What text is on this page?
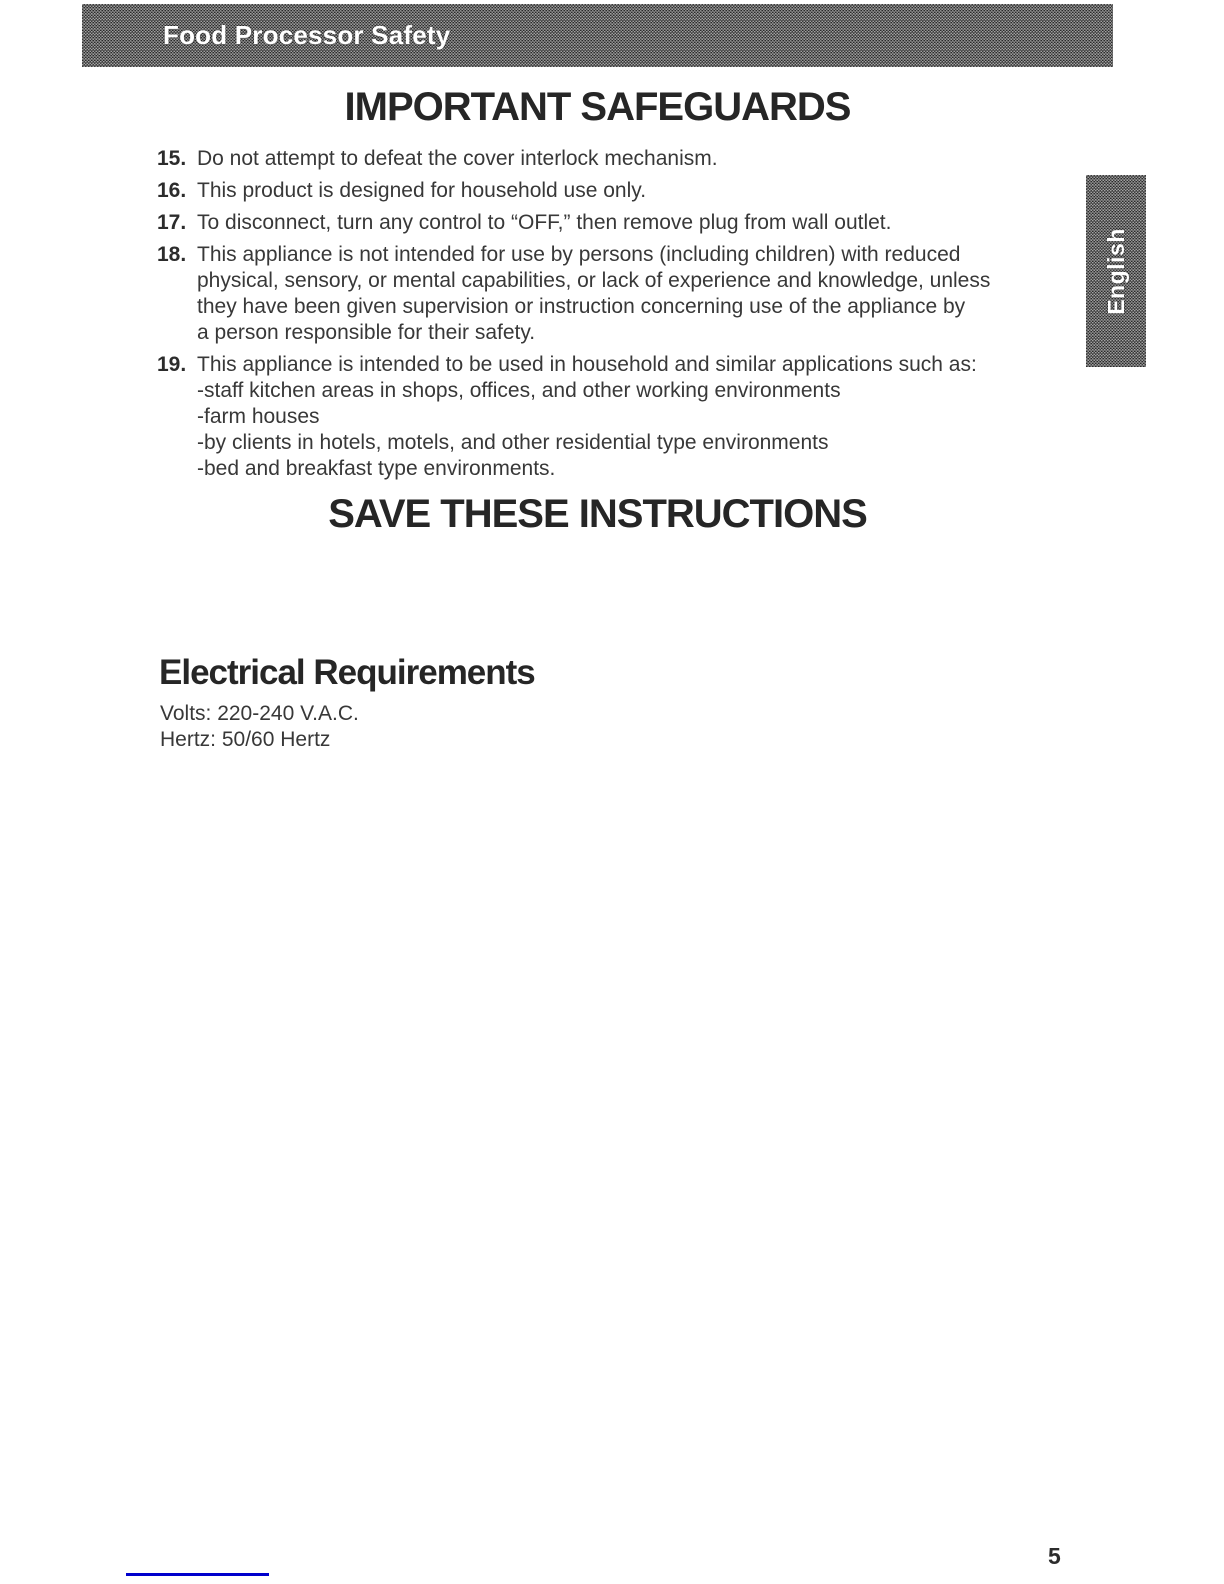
Food Processor Safety
IMPORTANT SAFEGUARDS
15. Do not attempt to defeat the cover interlock mechanism.
16. This product is designed for household use only.
17. To disconnect, turn any control to “OFF,” then remove plug from wall outlet.
18. This appliance is not intended for use by persons (including children) with reduced
physical, sensory, or mental capabilities, or lack of experience and knowledge, unless
they have been given supervision or instruction concerning use of the appliance by
a person responsible for their safety.
19. This appliance is intended to be used in household and similar applications such as:
-staff kitchen areas in shops, offices, and other working environments
-farm houses
-by clients in hotels, motels, and other residential type environments
-bed and breakfast type environments.
SAVE THESE INSTRUCTIONS
Electrical Requirements
Volts: 220-240 V.A.C.
Hertz: 50/60 Hertz
English
5
